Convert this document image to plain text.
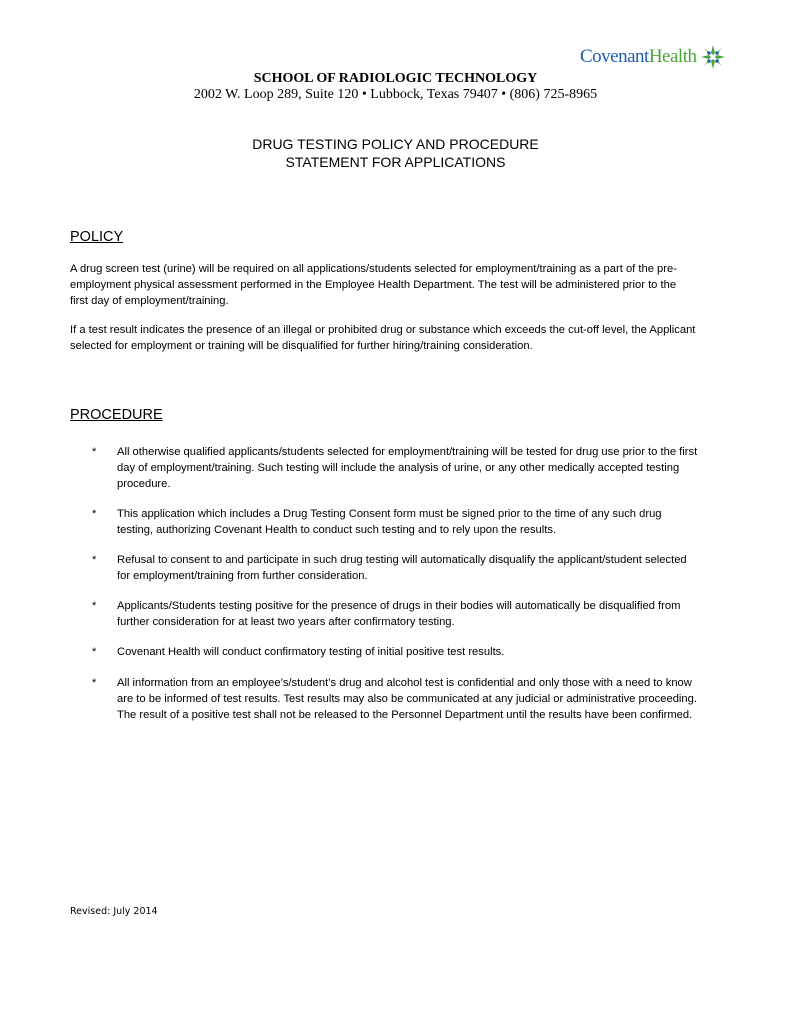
CovenantHealth
SCHOOL OF RADIOLOGIC TECHNOLOGY
2002 W. Loop 289, Suite 120 • Lubbock, Texas 79407 • (806) 725-8965
DRUG TESTING POLICY AND PROCEDURE
STATEMENT FOR APPLICATIONS
POLICY
A drug screen test (urine) will be required on all applications/students selected for employment/training as a part of the pre-
employment physical assessment performed in the Employee Health Department. The test will be administered prior to the
first day of employment/training.
If a test result indicates the presence of an illegal or prohibited drug or substance which exceeds the cut-off level, the Applicant
selected for employment or training will be disqualified for further hiring/training consideration.
PROCEDURE
Revised: July 2014
* All otherwise qualified applicants/students selected for employment/training will be tested for drug use prior to the first
day of employment/training. Such testing will include the analysis of urine, or any other medically accepted testing
procedure.
* This application which includes a Drug Testing Consent form must be signed prior to the time of any such drug
testing, authorizing Covenant Health to conduct such testing and to rely upon the results.
* Refusal to consent to and participate in such drug testing will automatically disqualify the applicant/student selected
for employment/training from further consideration.
* Applicants/Students testing positive for the presence of drugs in their bodies will automatically be disqualified from
further consideration for at least two years after confirmatory testing.
* Covenant Health will conduct confirmatory testing of initial positive test results.
* All information from an employee’s/student’s drug and alcohol test is confidential and only those with a need to know
are to be informed of test results. Test results may also be communicated at any judicial or administrative proceeding.
The result of a positive test shall not be released to the Personnel Department until the results have been confirmed.
